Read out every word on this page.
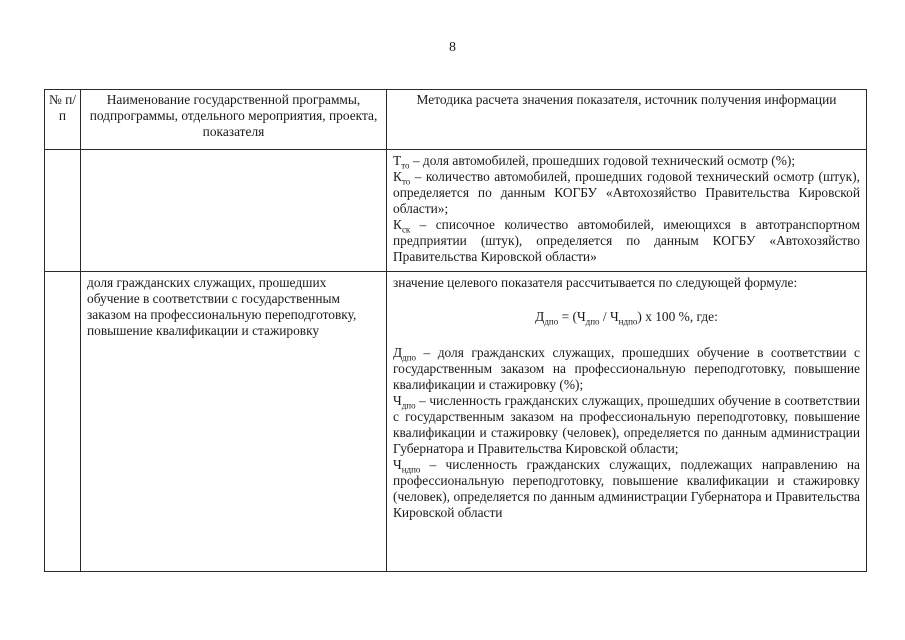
8
№ п/п	Наименование государственной программы, подпрограммы, отдельного мероприятия, проекта, показателя	Методика расчета значения показателя, источник получения информации

		$Т_{то}$ – доля автомобилей, прошедших годовой технический осмотр (%);

$К_{то}$ – количество автомобилей, прошедших годовой технический осмотр (штук), определяется по данным КОГБУ «Автохозяйство Правительства Кировской области»;

$К_{ск}$ – списочное количество автомобилей, имеющихся в автотранспортном предприятии (штук), определяется по данным КОГБУ «Автохозяйство Правительства Кировской области»

	доля гражданских служащих, прошедших обучение в соответствии с государственным заказом на профессиональную переподготовку, повышение квалификации и стажировку	значение целевого показателя рассчитывается по следующей формуле:

$Д_{дпо} = (Ч_{дпо} / Ч_{ндпо})$ x 100 %, где:

$Д_{дпо}$ – доля гражданских служащих, прошедших обучение в соответствии с государственным заказом на профессиональную переподготовку, повышение квалификации и стажировку (%);

$Ч_{дпо}$ – численность гражданских служащих, прошедших обучение в соответствии с государственным заказом на профессиональную переподготовку, повышение квалификации и стажировку (человек), определяется по данным администрации Губернатора и Правительства Кировской области;

$Ч_{ндпо}$ – численность гражданских служащих, подлежащих направлению на профессиональную переподготовку, повышение квалификации и стажировку (человек), определяется по данным администрации Губернатора и Правительства Кировской области
